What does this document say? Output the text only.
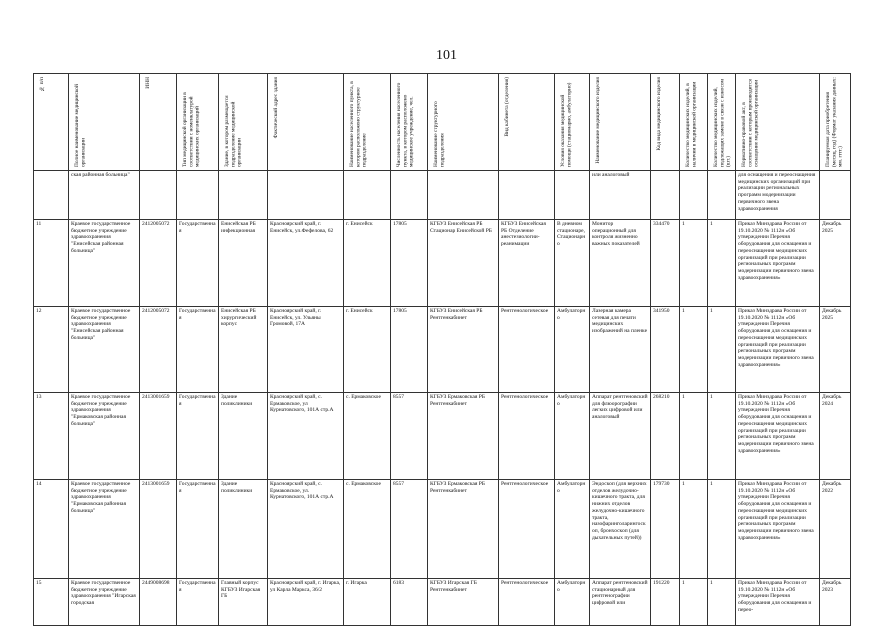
101
№ п/п	Полное наименование медицинской организации	ИНН	Тип медицинской организации в соответствии с номенклатурой медицинских организаций	Здание, в котором размещается подразделение медицинской организации	Фактический адрес здания	Наименование населенного пункта, в котором расположено структурное подразделение	Численность населения населенного пункта, в котором расположено медицинское учреждение, чел.	Наименование структурного подразделения	Вид кабинета (отделения)	Условия оказания медицинской помощи (стационарно, амбулаторно)	Наименование медицинского изделия	Код вида медицинского изделия	Количество медицинских изделий, в наличии в медицинской организации	Количество медицинских изделий, подлежащих замене в связи с износом (шт.)	Нормативно-правовой акт, в соответствии с которым производится оснащение медицинской организации	Планируемая дата приобретения (месяц, год) (Формат указания данных: мм. гггг.)

	ская районная больница"										или аналоговый				для оснащения и переоснащения медицинских организаций при реализации региональных программ модернизации первичного звена здравоохранения	
11	Краевое государственное бюджетное учреждение здравоохранения "Енисейская районная больница"	2412005072	Государственная	Енисейская РБ инфекционная	Красноярский край, г. Енисейск, ул.Фефелова, 62	г. Енисейск	17805	КГБУЗ Енисейская РБ Стационар Енисейской РБ	КГБУЗ Енисейская РБ Отделение анестезиологии-реанимации	В дневном стационаре, Стационарно	Монитор операционный для контроля жизненно важных показателей	334470	1	1	Приказ Минздрава России от 19.10.2020 № 1112н «Об утверждении Перечня оборудования для оснащения и переоснащения медицинских организаций при реализации региональных программ модернизации первичного звена здравоохранения»	Декабрь 2025
12	Краевое государственное бюджетное учреждение здравоохранения "Енисейская районная больница"	2412005072	Государственная	Енисейская РБ хирургический корпус	Красноярский край, г. Енисейск, ул. Ульяны Громовой, 17А	г. Енисейск	17805	КГБУЗ Енисейская РБ Рентгенкабинет	Рентгенологическое	Амбулаторно	Лазерная камера сетевая для печати медицинских изображений на пленке	341950	1	1	Приказ Минздрава России от 19.10.2020 № 1112н «Об утверждении Перечня оборудования для оснащения и переоснащения медицинских организаций при реализации региональных программ модернизации первичного звена здравоохранения»	Декабрь 2025
13	Краевое государственное бюджетное учреждение здравоохранения "Ермаковская районная больница"	2413001659	Государственная	Здание поликлиники	Красноярский край, с. Ермаковское, ул Курнатовского, 101А стр.А	с. Ермаковское	8557	КГБУЗ Ермаковская РБ Рентгенкабинет	Рентгенологическое	Амбулаторно	Аппарат рентгеновский для флюорографии легких цифровой или аналоговый	268210	1	1	Приказ Минздрава России от 19.10.2020 № 1112н «Об утверждении Перечня оборудования для оснащения и переоснащения медицинских организаций при реализации региональных программ модернизации первичного звена здравоохранения»	Декабрь 2024
14	Краевое государственное бюджетное учреждение здравоохранения "Ермаковская районная больница"	2413001659	Государственная	Здание поликлиники	Красноярский край, с. Ермаковское, ул. Курнатовского, 101А стр.А	с. Ермаковское	8557	КГБУЗ Ермаковская РБ Рентгенкабинет	Рентгенологическое	Амбулаторно	Эндоскоп (для верхних отделов желудочно-кишечного тракта, для нижних отделов желудочно-кишечного тракта, назофаринголарингоскоп, бронхоскоп (для дыхательных путей))	179730	1	1	Приказ Минздрава России от 19.10.2020 № 1112н «Об утверждении Перечня оборудования для оснащения и переоснащения медицинских организаций при реализации региональных программ модернизации первичного звена здравоохранения»	Декабрь 2022
15	Краевое государственное бюджетное учреждение здравоохранения "Игарская городская	2449008698	Государственная	Главный корпус КГБУЗ Игарская ГБ	Красноярский край, г. Игарка, ул Карла Маркса, 36/2	г. Игарка	6183	КГБУЗ Игарская ГБ Рентгенкабинет	Рентгенологическое	Амбулаторно	Аппарат рентгеновский стационарный для рентгенографии цифровой или	191220	1	1	Приказ Минздрава России от 19.10.2020 № 1112н «Об утверждении Перечня оборудования для оснащения и перео-	Декабрь 2023
